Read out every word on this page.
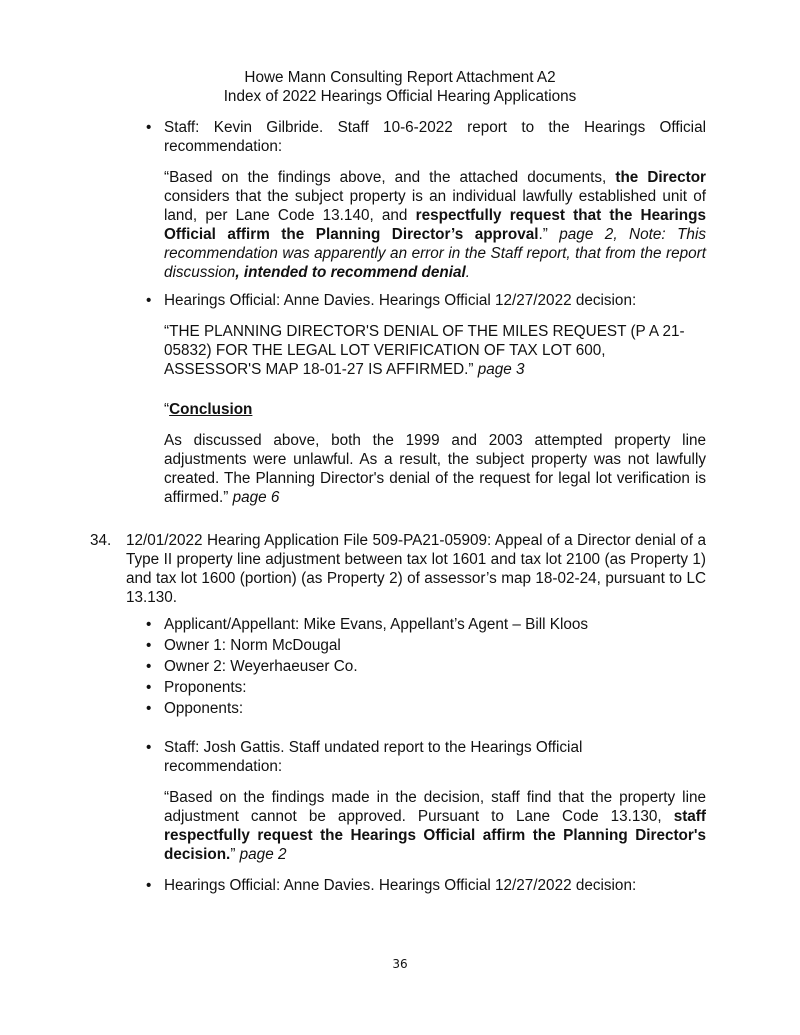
Howe Mann Consulting Report Attachment A2
Index of 2022 Hearings Official Hearing Applications
• Staff: Kevin Gilbride. Staff 10-6-2022 report to the Hearings Official recommendation:
“Based on the findings above, and the attached documents, the Director considers that the subject property is an individual lawfully established unit of land, per Lane Code 13.140, and respectfully request that the Hearings Official affirm the Planning Director’s approval.” page 2, Note: This recommendation was apparently an error in the Staff report, that from the report discussion, intended to recommend denial.
• Hearings Official: Anne Davies. Hearings Official 12/27/2022 decision:
“THE PLANNING DIRECTOR'S DENIAL OF THE MILES REQUEST (P A 21-05832) FOR THE LEGAL LOT VERIFICATION OF TAX LOT 600, ASSESSOR'S MAP 18-01-27 IS AFFIRMED.” page 3
“Conclusion
As discussed above, both the 1999 and 2003 attempted property line adjustments were unlawful. As a result, the subject property was not lawfully created. The Planning Director's denial of the request for legal lot verification is affirmed.” page 6
34. 12/01/2022 Hearing Application File 509-PA21-05909: Appeal of a Director denial of a Type II property line adjustment between tax lot 1601 and tax lot 2100 (as Property 1) and tax lot 1600 (portion) (as Property 2) of assessor’s map 18-02-24, pursuant to LC 13.130.
• Applicant/Appellant: Mike Evans, Appellant’s Agent – Bill Kloos
• Owner 1: Norm McDougal
• Owner 2: Weyerhaeuser Co.
• Proponents:
• Opponents:
• Staff: Josh Gattis. Staff undated report to the Hearings Official recommendation:
“Based on the findings made in the decision, staff find that the property line adjustment cannot be approved. Pursuant to Lane Code 13.130, staff respectfully request the Hearings Official affirm the Planning Director's decision.” page 2
• Hearings Official: Anne Davies. Hearings Official 12/27/2022 decision:
36
